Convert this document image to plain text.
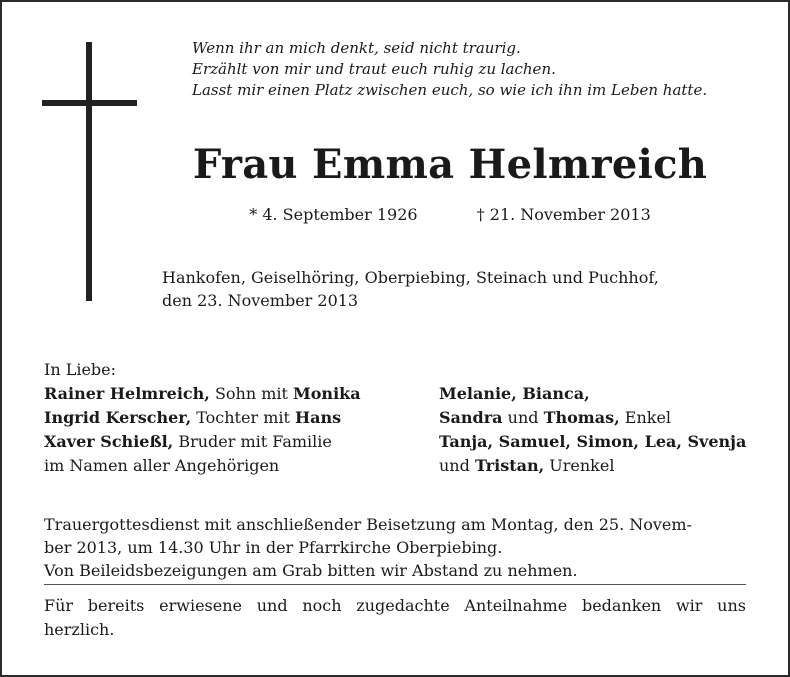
Wenn ihr an mich denkt, seid nicht traurig.
Erzählt von mir und traut euch ruhig zu lachen.
Lasst mir einen Platz zwischen euch, so wie ich ihn im Leben hatte.

Frau Emma Helmreich
* 4. September 1926	† 21. November 2013

Hankofen, Geiselhöring, Oberpiebing, Steinach und Puchhof,
den 23. November 2013

In Liebe:

Rainer Helmreich, Sohn mit Monika
Ingrid Kerscher, Tochter mit Hans
Xaver Schießl, Bruder mit Familie
im Namen aller Angehörigen
Melanie, Bianca,
Sandra und Thomas, Enkel
Tanja, Samuel, Simon, Lea, Svenja
und Tristan, Urenkel

Trauergottesdienst mit anschließender Beisetzung am Montag, den 25. Novem-
ber 2013, um 14.30 Uhr in der Pfarrkirche Oberpiebing.
Von Beileidsbezeigungen am Grab bitten wir Abstand zu nehmen.

Für bereits erwiesene und noch zugedachte Anteilnahme bedanken wir uns
herzlich.
